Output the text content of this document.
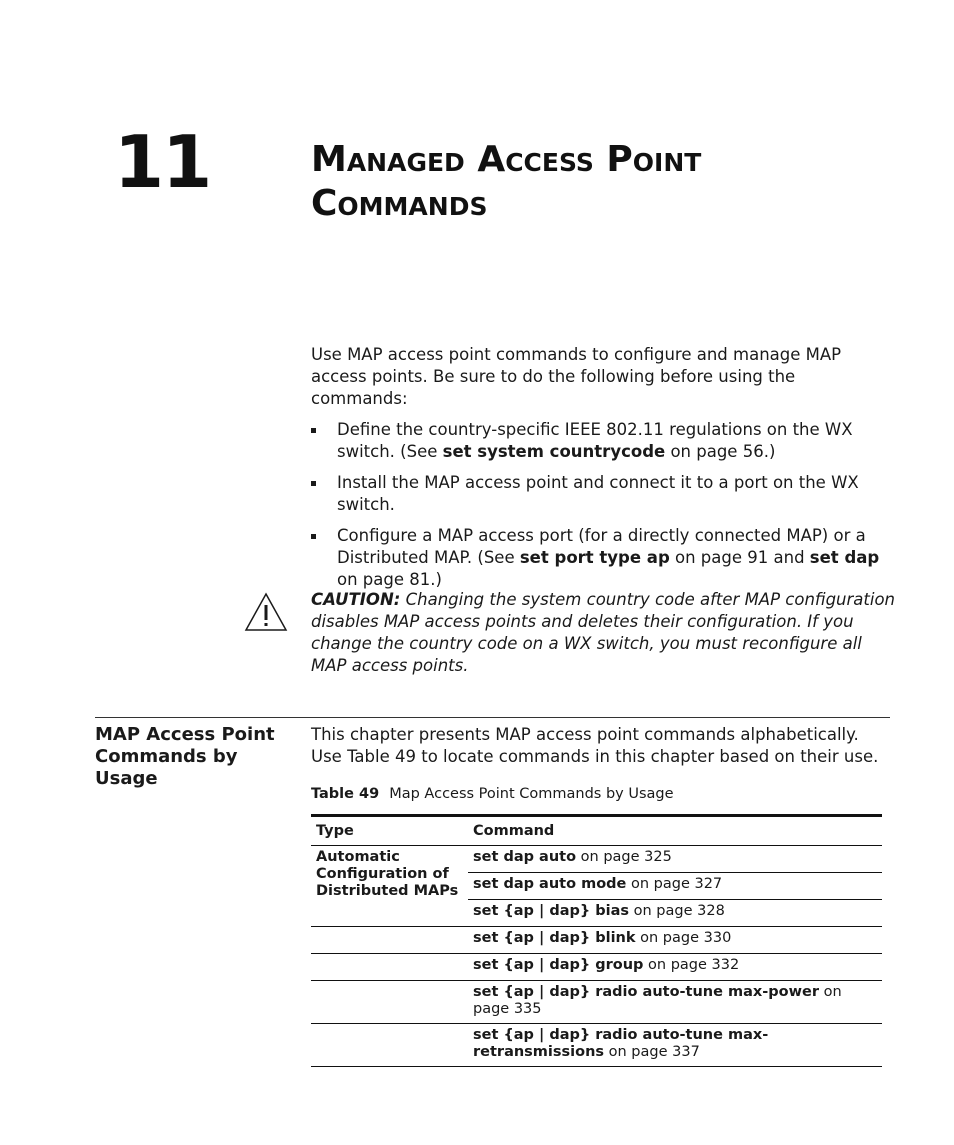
11	Managed Access Point
Commands

Use MAP access point commands to configure and manage MAP access points. Be sure to do the following before using the commands:

Define the country-specific IEEE 802.11 regulations on the WX switch. (See set system countrycode on page 56.)
Install the MAP access point and connect it to a port on the WX switch.
Configure a MAP access port (for a directly connected MAP) or a Distributed MAP. (See set port type ap on page 91 and set dap on page 81.)
CAUTION: Changing the system country code after MAP configuration disables MAP access points and deletes their configuration. If you change the country code on a WX switch, you must reconfigure all MAP access points.
MAP Access Point Commands by Usage

This chapter presents MAP access point commands alphabetically. Use Table 49 to locate commands in this chapter based on their use.

Table 49 Map Access Point Commands by Usage
Type	Command
Automatic Configuration of Distributed MAPs
set dap auto on page 325
set dap auto mode on page 327
set {ap | dap} bias on page 328
set {ap | dap} blink on page 330
set {ap | dap} group on page 332
set {ap | dap} radio auto-tune max-power on page 335
set {ap | dap} radio auto-tune max- retransmissions on page 337
